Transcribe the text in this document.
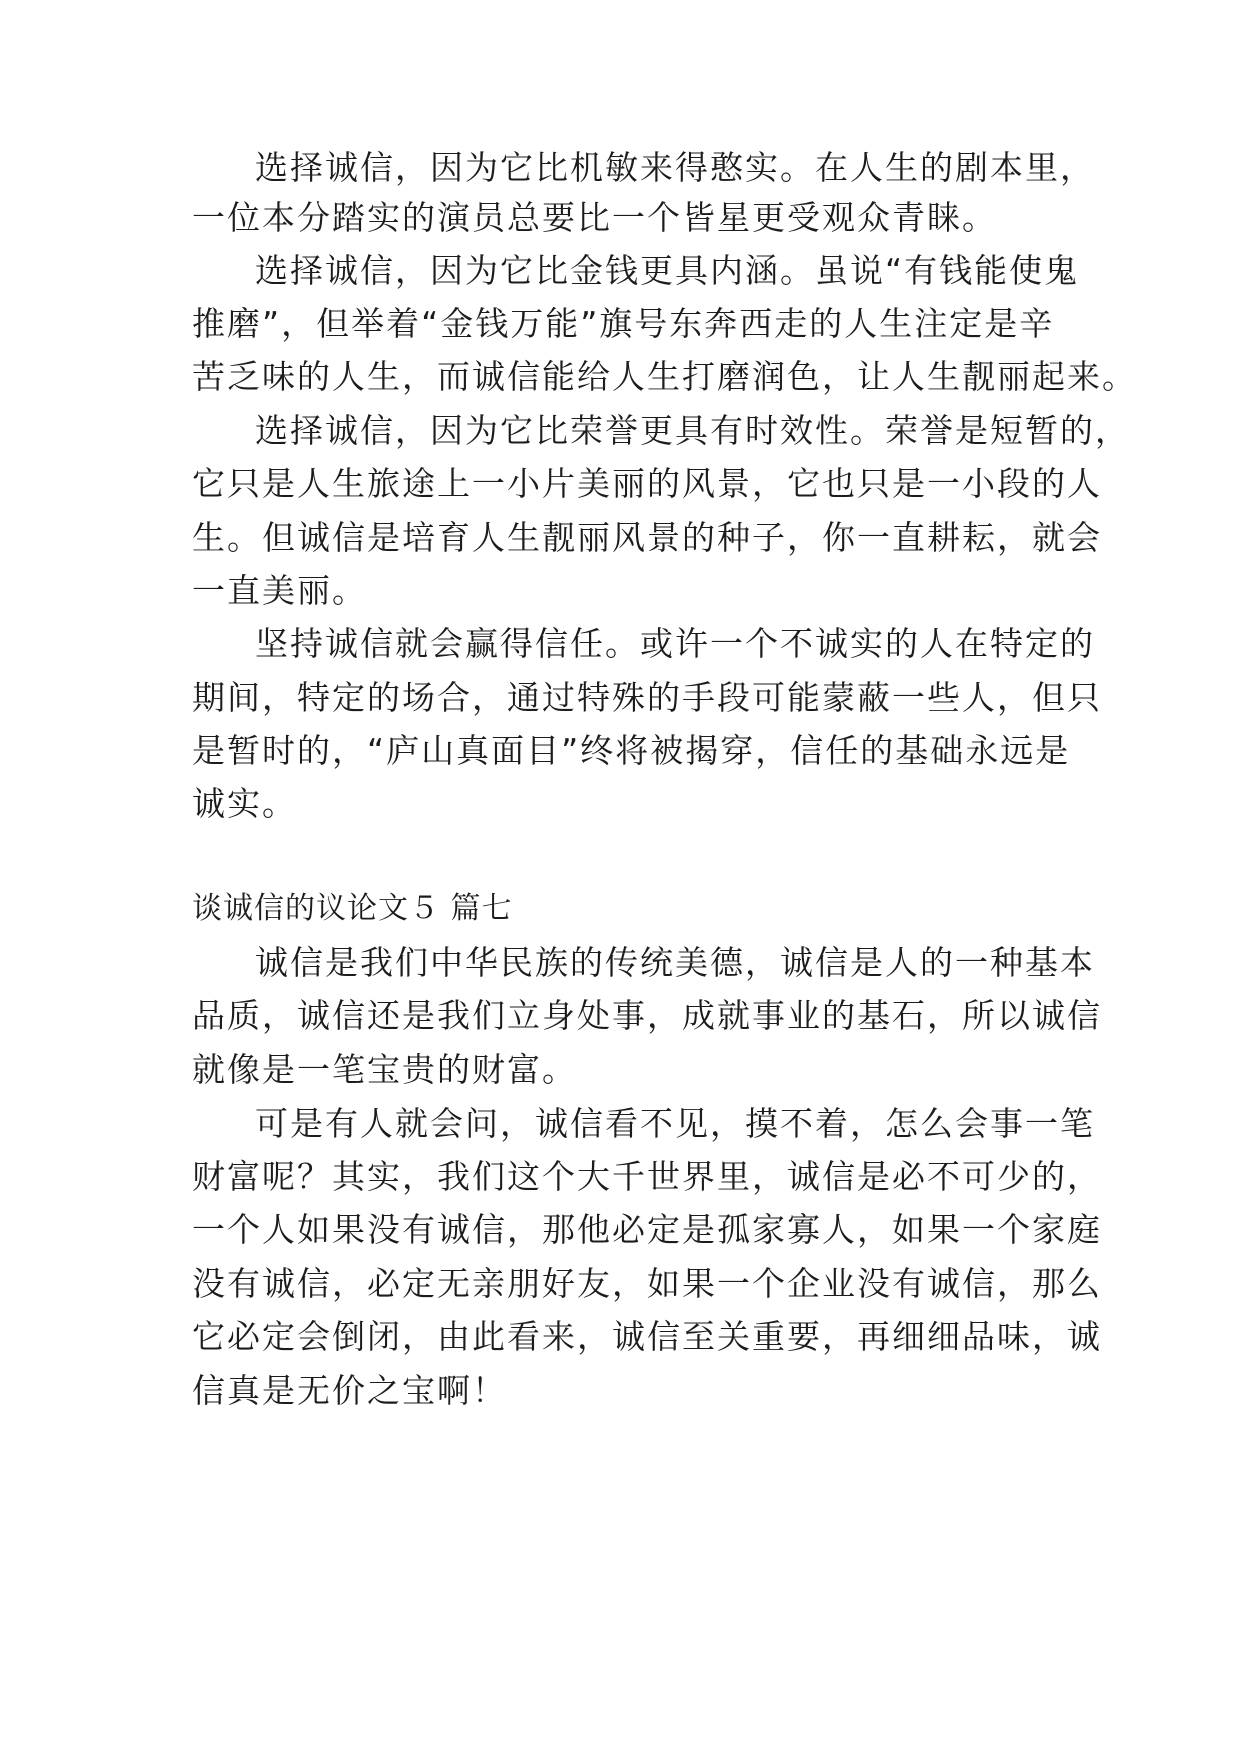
选择诚信，因为它比机敏来得憨实。在人生的剧本里，
一位本分踏实的演员总要比一个皆星更受观众青睐。
选择诚信，因为它比金钱更具内涵。虽说“有钱能使鬼
推磨”，但举着“金钱万能”旗号东奔西走的人生注定是辛
苦乏味的人生，而诚信能给人生打磨润色，让人生靓丽起来。
选择诚信，因为它比荣誉更具有时效性。荣誉是短暂的，
它只是人生旅途上一小片美丽的风景，它也只是一小段的人
生。但诚信是培育人生靓丽风景的种子，你一直耕耘，就会
一直美丽。
坚持诚信就会赢得信任。或许一个不诚实的人在特定的
期间，特定的场合，通过特殊的手段可能蒙蔽一些人，但只
是暂时的，“庐山真面目”终将被揭穿，信任的基础永远是
诚实。
谈诚信的议论文５ 篇七
诚信是我们中华民族的传统美德，诚信是人的一种基本
品质，诚信还是我们立身处事，成就事业的基石，所以诚信
就像是一笔宝贵的财富。
可是有人就会问，诚信看不见，摸不着，怎么会事一笔
财富呢？其实，我们这个大千世界里，诚信是必不可少的，
一个人如果没有诚信，那他必定是孤家寡人，如果一个家庭
没有诚信，必定无亲朋好友，如果一个企业没有诚信，那么
它必定会倒闭，由此看来，诚信至关重要，再细细品味，诚
信真是无价之宝啊！
